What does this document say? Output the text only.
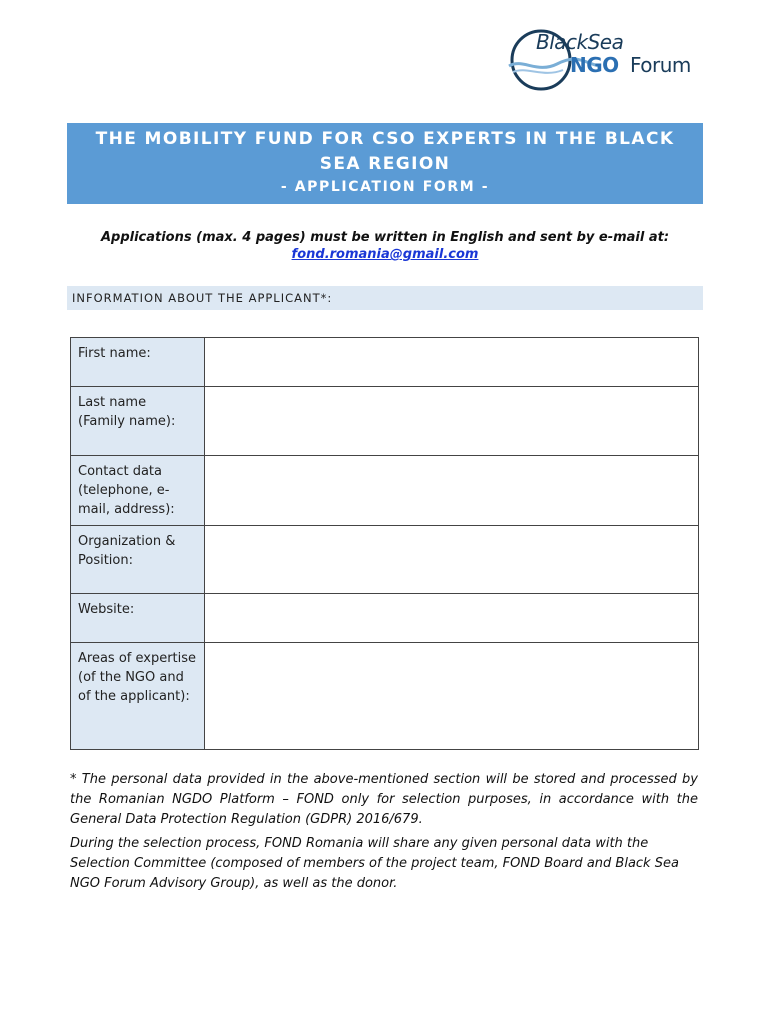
BlackSea
NGO Forum
THE MOBILITY FUND FOR CSO EXPERTS IN THE BLACK SEA REGION
- APPLICATION FORM -
Applications (max. 4 pages) must be written in English and sent by e-mail at:
fond.romania@gmail.com
INFORMATION ABOUT THE APPLICANT*:
First name:	
Last name (Family name):	
Contact data (telephone, e-mail, address):	
Organization & Position:	
Website:	
Areas of expertise (of the NGO and of the applicant):	
* The personal data provided in the above-mentioned section will be stored and processed by the Romanian NGDO Platform – FOND only for selection purposes, in accordance with the General Data Protection Regulation (GDPR) 2016/679.
During the selection process, FOND Romania will share any given personal data with the Selection Committee (composed of members of the project team, FOND Board and Black Sea NGO Forum Advisory Group), as well as the donor.
